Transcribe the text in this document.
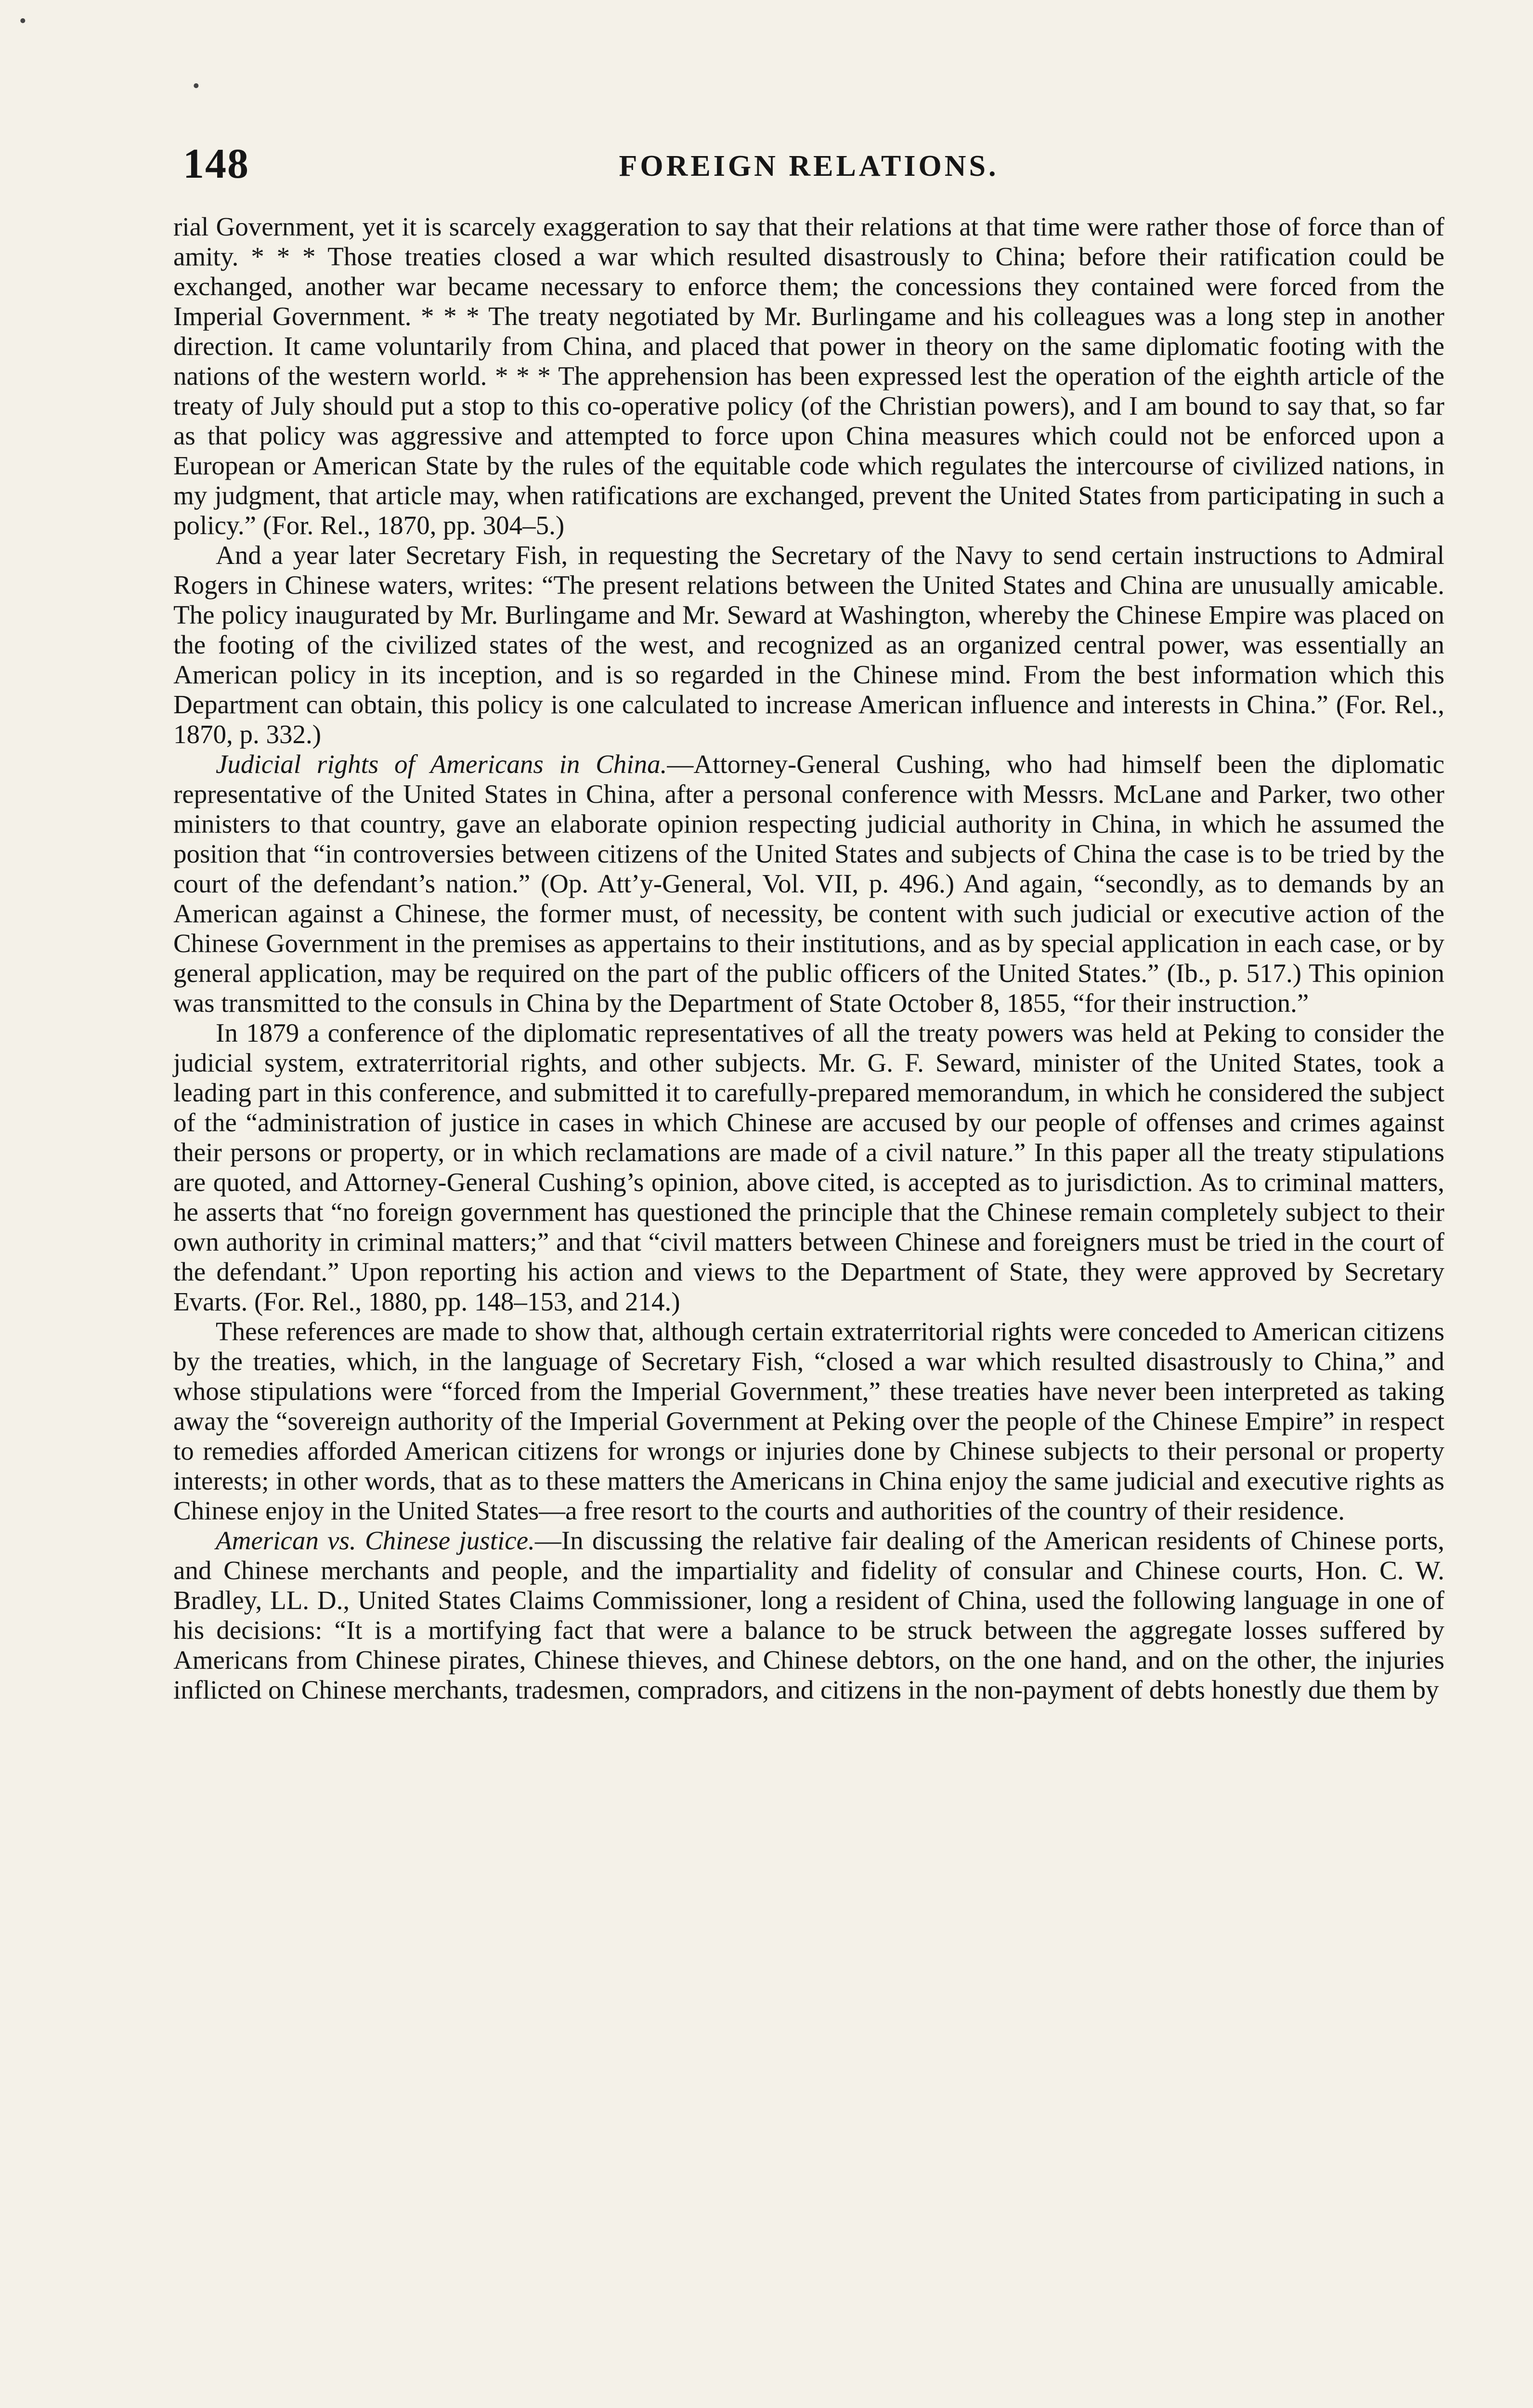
•
•
148	FOREIGN RELATIONS.

rial Government, yet it is scarcely exaggeration to say that their relations at that time were rather those of force than of amity. * * * Those treaties closed a war which resulted disastrously to China; before their ratification could be exchanged, another war became necessary to enforce them; the concessions they contained were forced from the Imperial Government. * * * The treaty negotiated by Mr. Burlingame and his colleagues was a long step in another direction. It came voluntarily from China, and placed that power in theory on the same diplomatic footing with the nations of the western world. * * * The apprehension has been expressed lest the operation of the eighth article of the treaty of July should put a stop to this co-operative policy (of the Christian powers), and I am bound to say that, so far as that policy was aggressive and attempted to force upon China measures which could not be enforced upon a European or American State by the rules of the equitable code which regulates the intercourse of civilized nations, in my judgment, that article may, when ratifications are exchanged, prevent the United States from participating in such a policy.” (For. Rel., 1870, pp. 304–5.)

And a year later Secretary Fish, in requesting the Secretary of the Navy to send certain instructions to Admiral Rogers in Chinese waters, writes: “The present relations between the United States and China are unusually amicable. The policy inaugurated by Mr. Burlingame and Mr. Seward at Washington, whereby the Chinese Empire was placed on the footing of the civilized states of the west, and recognized as an organized central power, was essentially an American policy in its inception, and is so regarded in the Chinese mind. From the best information which this Department can obtain, this policy is one calculated to increase American influence and interests in China.” (For. Rel., 1870, p. 332.)

Judicial rights of Americans in China.—Attorney-General Cushing, who had himself been the diplomatic representative of the United States in China, after a personal conference with Messrs. McLane and Parker, two other ministers to that country, gave an elaborate opinion respecting judicial authority in China, in which he assumed the position that “in controversies between citizens of the United States and subjects of China the case is to be tried by the court of the defendant’s nation.” (Op. Att’y-General, Vol. VII, p. 496.) And again, “secondly, as to demands by an American against a Chinese, the former must, of necessity, be content with such judicial or executive action of the Chinese Government in the premises as appertains to their institutions, and as by special application in each case, or by general application, may be required on the part of the public officers of the United States.” (Ib., p. 517.) This opinion was transmitted to the consuls in China by the Department of State October 8, 1855, “for their instruction.”

In 1879 a conference of the diplomatic representatives of all the treaty powers was held at Peking to consider the judicial system, extraterritorial rights, and other subjects. Mr. G. F. Seward, minister of the United States, took a leading part in this conference, and submitted it to carefully-prepared memorandum, in which he considered the subject of the “administration of justice in cases in which Chinese are accused by our people of offenses and crimes against their persons or property, or in which reclamations are made of a civil nature.” In this paper all the treaty stipulations are quoted, and Attorney-General Cushing’s opinion, above cited, is accepted as to jurisdiction. As to criminal matters, he asserts that “no foreign government has questioned the principle that the Chinese remain completely subject to their own authority in criminal matters;” and that “civil matters between Chinese and foreigners must be tried in the court of the defendant.” Upon reporting his action and views to the Department of State, they were approved by Secretary Evarts. (For. Rel., 1880, pp. 148–153, and 214.)

These references are made to show that, although certain extraterritorial rights were conceded to American citizens by the treaties, which, in the language of Secretary Fish, “closed a war which resulted disastrously to China,” and whose stipulations were “forced from the Imperial Government,” these treaties have never been interpreted as taking away the “sovereign authority of the Imperial Government at Peking over the people of the Chinese Empire” in respect to remedies afforded American citizens for wrongs or injuries done by Chinese subjects to their personal or property interests; in other words, that as to these matters the Americans in China enjoy the same judicial and executive rights as Chinese enjoy in the United States—a free resort to the courts and authorities of the country of their residence.

American vs. Chinese justice.—In discussing the relative fair dealing of the American residents of Chinese ports, and Chinese merchants and people, and the impartiality and fidelity of consular and Chinese courts, Hon. C. W. Bradley, LL. D., United States Claims Commissioner, long a resident of China, used the following language in one of his decisions: “It is a mortifying fact that were a balance to be struck between the aggregate losses suffered by Americans from Chinese pirates, Chinese thieves, and Chinese debtors, on the one hand, and on the other, the injuries inflicted on Chinese merchants, tradesmen, compradors, and citizens in the non-payment of debts honestly due them by
